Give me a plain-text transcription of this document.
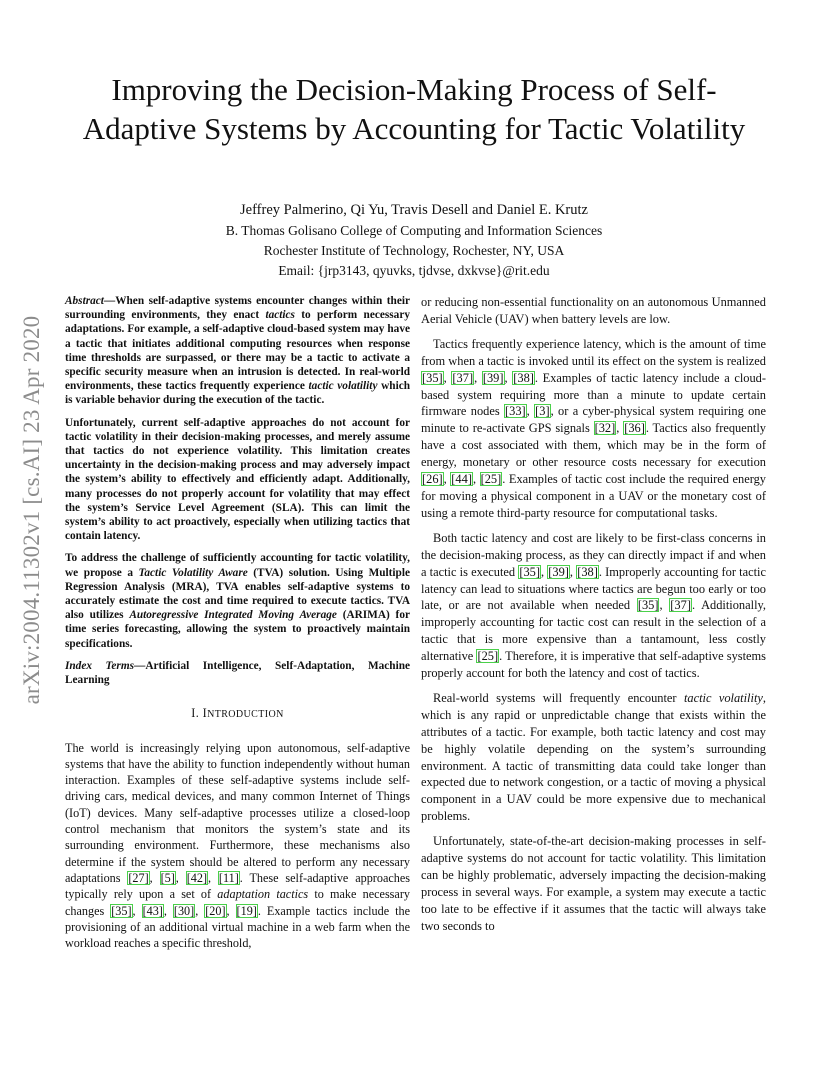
Improving the Decision-Making Process of Self-Adaptive Systems by Accounting for Tactic Volatility
Jeffrey Palmerino, Qi Yu, Travis Desell and Daniel E. Krutz
B. Thomas Golisano College of Computing and Information Sciences
Rochester Institute of Technology, Rochester, NY, USA
Email: {jrp3143, qyuvks, tjdvse, dxkvse}@rit.edu
arXiv:2004.11302v1 [cs.AI] 23 Apr 2020

Abstract—When self-adaptive systems encounter changes within their surrounding environments, they enact tactics to perform necessary adaptations. For example, a self-adaptive cloud-based system may have a tactic that initiates additional computing resources when response time thresholds are surpassed, or there may be a tactic to activate a specific security measure when an intrusion is detected. In real-world environments, these tactics frequently experience tactic volatility which is variable behavior during the execution of the tactic.

Unfortunately, current self-adaptive approaches do not account for tactic volatility in their decision-making processes, and merely assume that tactics do not experience volatility. This limitation creates uncertainty in the decision-making process and may adversely impact the system’s ability to effectively and efficiently adapt. Additionally, many processes do not properly account for volatility that may effect the system’s Service Level Agreement (SLA). This can limit the system’s ability to act proactively, especially when utilizing tactics that contain latency.

To address the challenge of sufficiently accounting for tactic volatility, we propose a Tactic Volatility Aware (TVA) solution. Using Multiple Regression Analysis (MRA), TVA enables self-adaptive systems to accurately estimate the cost and time required to execute tactics. TVA also utilizes Autoregressive Integrated Moving Average (ARIMA) for time series forecasting, allowing the system to proactively maintain specifications.

Index Terms—Artificial Intelligence, Self-Adaptation, Machine Learning

I. INTRODUCTION

The world is increasingly relying upon autonomous, self-adaptive systems that have the ability to function independently without human interaction. Examples of these self-adaptive systems include self-driving cars, medical devices, and many common Internet of Things (IoT) devices. Many self-adaptive processes utilize a closed-loop control mechanism that monitors the system’s state and its surrounding environment. Furthermore, these mechanisms also determine if the system should be altered to perform any necessary adaptations [27], [5], [42], [11]. These self-adaptive approaches typically rely upon a set of adaptation tactics to make necessary changes [35], [43], [30], [20], [19]. Example tactics include the provisioning of an additional virtual machine in a web farm when the workload reaches a specific threshold,

or reducing non-essential functionality on an autonomous Unmanned Aerial Vehicle (UAV) when battery levels are low.

Tactics frequently experience latency, which is the amount of time from when a tactic is invoked until its effect on the system is realized [35], [37], [39], [38]. Examples of tactic latency include a cloud-based system requiring more than a minute to update certain firmware nodes [33], [3], or a cyber-physical system requiring one minute to re-activate GPS signals [32], [36]. Tactics also frequently have a cost associated with them, which may be in the form of energy, monetary or other resource costs necessary for execution [26], [44], [25]. Examples of tactic cost include the required energy for moving a physical component in a UAV or the monetary cost of using a remote third-party resource for computational tasks.

Both tactic latency and cost are likely to be first-class concerns in the decision-making process, as they can directly impact if and when a tactic is executed [35], [39], [38]. Improperly accounting for tactic latency can lead to situations where tactics are begun too early or too late, or are not available when needed [35], [37]. Additionally, improperly accounting for tactic cost can result in the selection of a tactic that is more expensive than a tantamount, less costly alternative [25]. Therefore, it is imperative that self-adaptive systems properly account for both the latency and cost of tactics.

Real-world systems will frequently encounter tactic volatility, which is any rapid or unpredictable change that exists within the attributes of a tactic. For example, both tactic latency and cost may be highly volatile depending on the system’s surrounding environment. A tactic of transmitting data could take longer than expected due to network congestion, or a tactic of moving a physical component in a UAV could be more expensive due to mechanical problems.

Unfortunately, state-of-the-art decision-making processes in self-adaptive systems do not account for tactic volatility. This limitation can be highly problematic, adversely impacting the decision-making process in several ways. For example, a system may execute a tactic too late to be effective if it assumes that the tactic will always take two seconds to
